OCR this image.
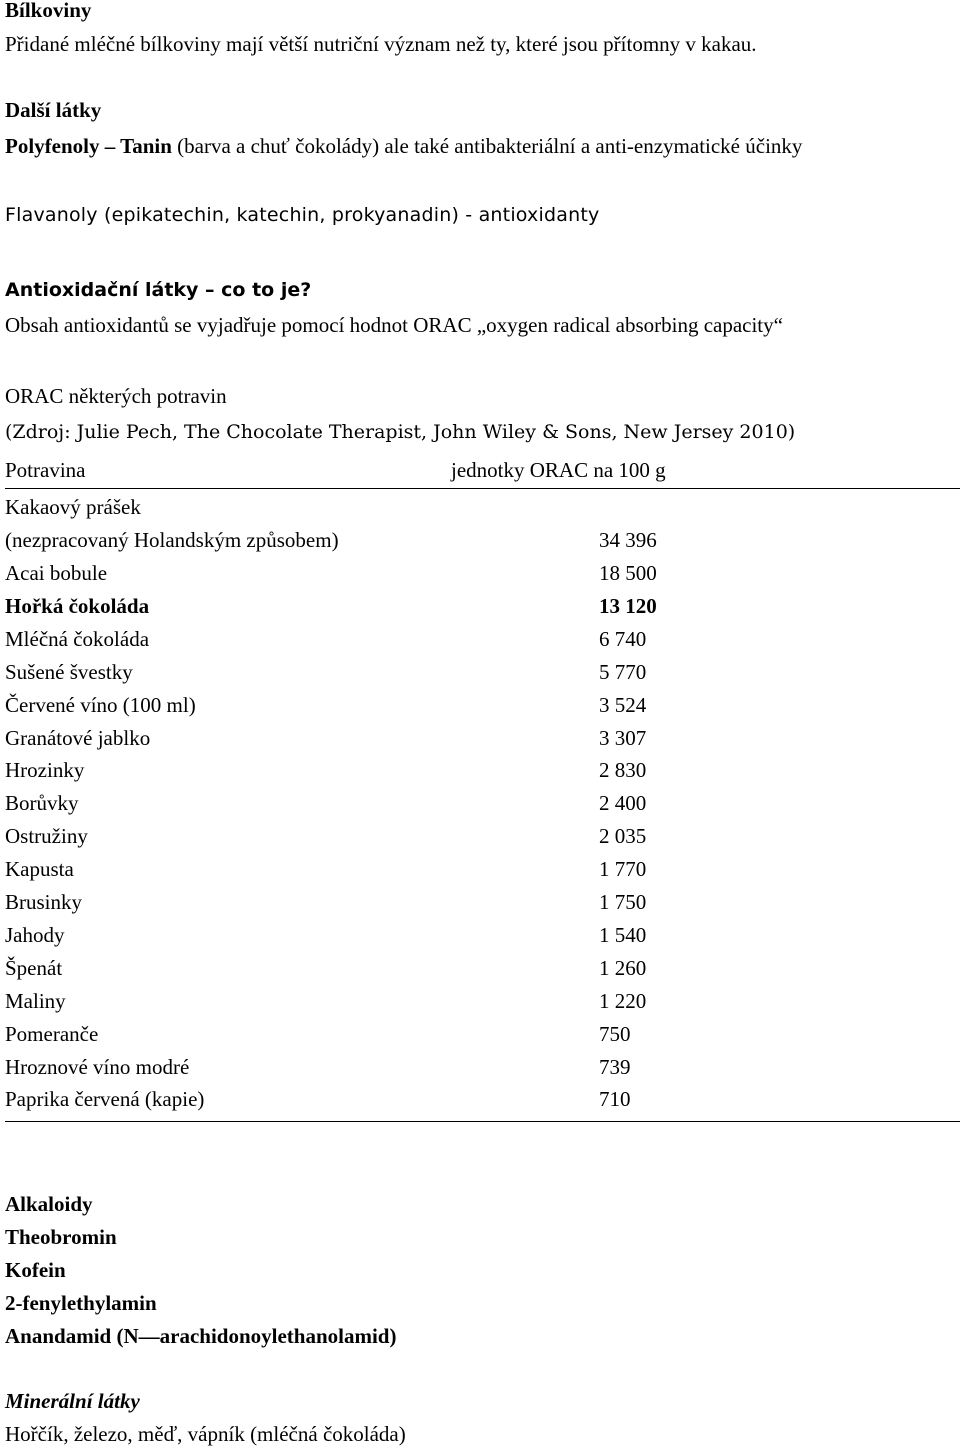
Bílkoviny
Přidané mléčné bílkoviny mají větší nutriční význam než ty, které jsou přítomny v kakau.
Další látky
Polyfenoly – Tanin (barva a chuť čokolády) ale také antibakteriální a anti-enzymatické účinky
Flavanoly (epikatechin, katechin, prokyanadin) - antioxidanty
Antioxidační látky – co to je?
Obsah antioxidantů se vyjadřuje pomocí hodnot ORAC „oxygen radical absorbing capacity“
ORAC některých potravin
(Zdroj: Julie Pech, The Chocolate Therapist, John Wiley & Sons, New Jersey 2010)
Potravina	jednotky ORAC na 100 g
Kakaový prášek
(nezpracovaný Holandským způsobem)	34 396
Acai bobule	18 500
Hořká čokoláda	13 120
Mléčná čokoláda	6 740
Sušené švestky	5 770
Červené víno (100 ml)	3 524
Granátové jablko	3 307
Hrozinky	2 830
Borůvky	2 400
Ostružiny	2 035
Kapusta	1 770
Brusinky	1 750
Jahody	1 540
Špenát	1 260
Maliny	1 220
Pomeranče	750
Hroznové víno modré	739
Paprika červená (kapie)	710
Alkaloidy
Theobromin
Kofein
2-fenylethylamin
Anandamid (N—arachidonoylethanolamid)
Minerální látky
Hořčík, železo, měď, vápník (mléčná čokoláda)
